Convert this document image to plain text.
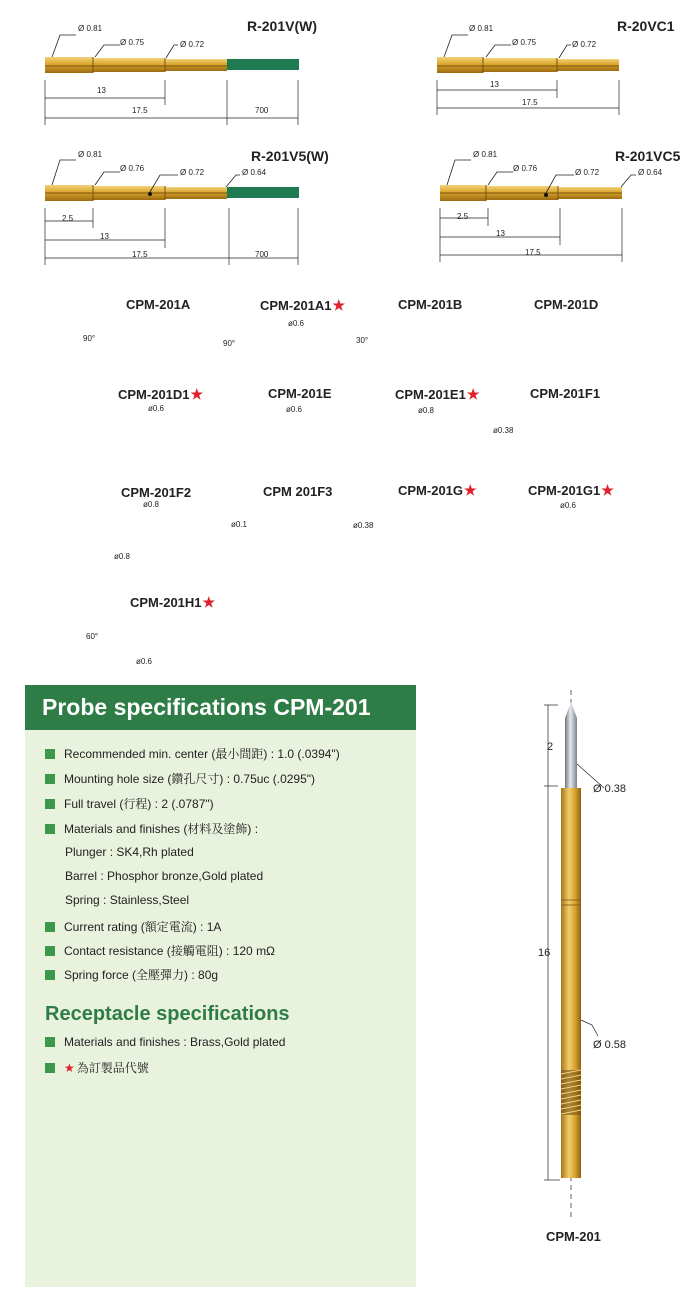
R-201V(W)
Ø 0.81
Ø 0.75	Ø 0.72
13
17.5	700
R-20VC1
Ø 0.81
Ø 0.75	Ø 0.72
13
17.5
R-201V5(W)
Ø 0.81
Ø 0.76	Ø 0.72	Ø 0.64
2.5
13
17.5	700
R-201VC5
Ø 0.81
Ø 0.76	Ø 0.72	Ø 0.64
2.5
13
17.5
CPM-201A
90°
CPM-201A1★
90°
ø0.6
CPM-201B
30°
CPM-201D
CPM-201D1★
ø0.6
CPM-201E
ø0.6
CPM-201E1★
ø0.8
CPM-201F1
ø0.38
CPM-201F2
ø0.8
ø0.8
CPM 201F3
ø0.1
CPM-201G★
ø0.38
CPM-201G1★
ø0.6
CPM-201H1★
60°
ø0.6
Probe specifications CPM-201
Recommended min. center (最小間距) : 1.0 (.0394")
Mounting hole size (鑽孔尺寸) : 0.75uc (.0295")
Full travel (行程) : 2 (.0787")
Materials and finishes (材料及塗飾) :
Plunger : SK4,Rh plated
Barrel : Phosphor bronze,Gold plated
Spring : Stainless,Steel
Current rating (額定電流) : 1A
Contact resistance (接觸電阻) : 120 mΩ
Spring force (全壓彈力) : 80g
Receptacle specifications
Materials and finishes : Brass,Gold plated
★ 為訂製品代號
2
16
Ø 0.38
Ø 0.58
CPM-201
